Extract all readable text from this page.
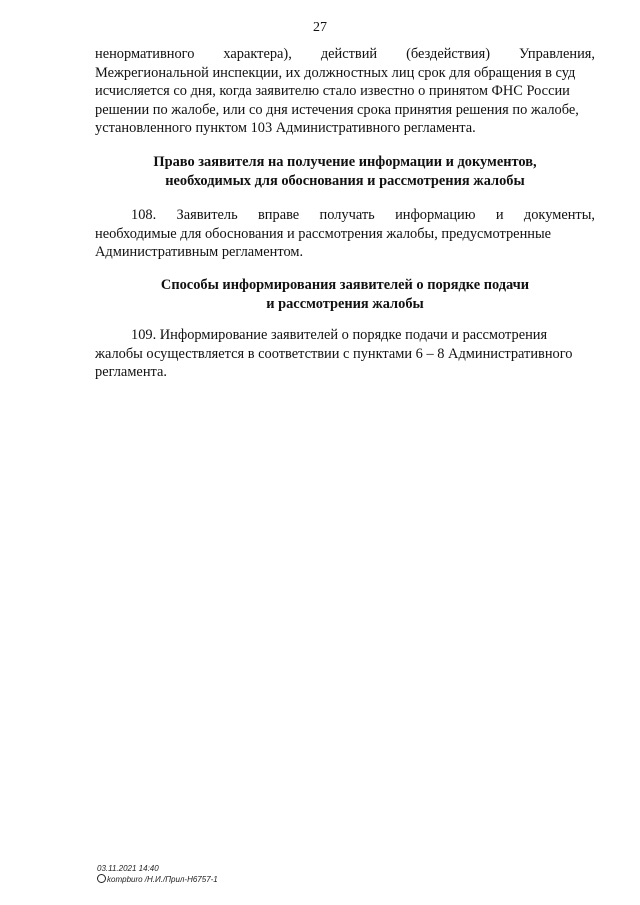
27
ненормативного характера), действий (бездействия) Управления,
Межрегиональной инспекции, их должностных лиц срок для обращения в суд
исчисляется со дня, когда заявителю стало известно о принятом ФНС России
решении по жалобе, или со дня истечения срока принятия решения по жалобе,
установленного пунктом 103 Административного регламента.
Право заявителя на получение информации и документов,
необходимых для обоснования и рассмотрения жалобы
108. Заявитель вправе получать информацию и документы,
необходимые для обоснования и рассмотрения жалобы, предусмотренные
Административным регламентом.
Способы информирования заявителей о порядке подачи
и рассмотрения жалобы
109. Информирование заявителей о порядке подачи и рассмотрения
жалобы осуществляется в соответствии с пунктами 6 – 8 Административного
регламента.
03.11.2021 14:40
kompburo /Н.И./Прил-Н6757-1
